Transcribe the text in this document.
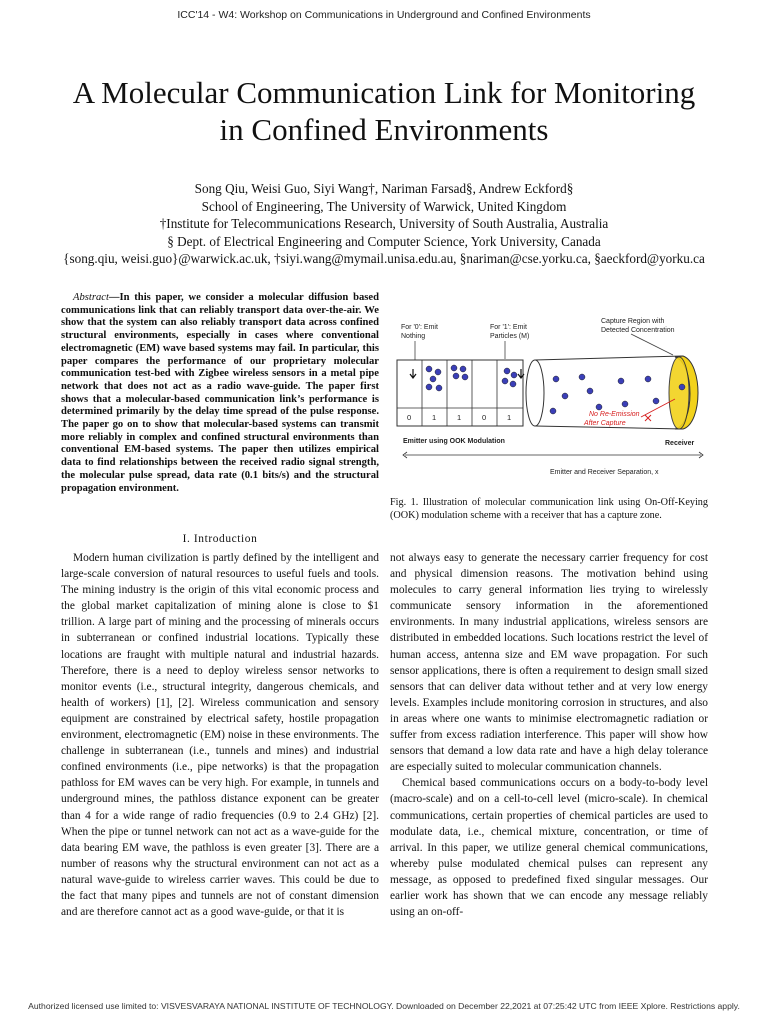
ICC'14 - W4: Workshop on Communications in Underground and Confined Environments
A Molecular Communication Link for Monitoring
in Confined Environments
Song Qiu, Weisi Guo, Siyi Wang†, Nariman Farsad§, Andrew Eckford§
School of Engineering, The University of Warwick, United Kingdom
†Institute for Telecommunications Research, University of South Australia, Australia
§ Dept. of Electrical Engineering and Computer Science, York University, Canada
{song.qiu, weisi.guo}@warwick.ac.uk, †siyi.wang@mymail.unisa.edu.au, §nariman@cse.yorku.ca, §aeckford@yorku.ca

Abstract—In this paper, we consider a molecular diffusion based communications link that can reliably transport data over-the-air. We show that the system can also reliably transport data across confined structural environments, especially in cases where conventional electromagnetic (EM) wave based systems may fail. In particular, this paper compares the performance of our proprietary molecular communication test-bed with Zigbee wireless sensors in a metal pipe network that does not act as a radio wave-guide. The paper first shows that a molecular-based communication link’s performance is determined primarily by the delay time spread of the pulse response. The paper go on to show that molecular-based systems can transmit more reliably in complex and confined structural environments than conventional EM-based systems. The paper then utilizes empirical data to find relationships between the received radio signal strength, the molecular pulse spread, data rate (0.1 bits/s) and the structural propagation environment.

I. Introduction

Modern human civilization is partly defined by the intelligent and large-scale conversion of natural resources to useful fuels and tools. The mining industry is the origin of this vital economic process and the global market capitalization of mining alone is close to $1 trillion. A large part of mining and the processing of minerals occurs in subterranean or confined industrial locations. Typically these locations are fraught with multiple natural and industrial hazards. Therefore, there is a need to deploy wireless sensor networks to monitor events (i.e., structural integrity, dangerous chemicals, and health of workers) [1], [2]. Wireless communication and sensory equipment are constrained by electrical safety, hostile propagation environment, electromagnetic (EM) noise in these environments. The challenge in subterranean (i.e., tunnels and mines) and industrial confined environments (i.e., pipe networks) is that the propagation pathloss for EM waves can be very high. For example, in tunnels and underground mines, the pathloss distance exponent can be greater than 4 for a wide range of radio frequencies (0.9 to 2.4 GHz) [2]. When the pipe or tunnel network can not act as a wave-guide for the data bearing EM wave, the pathloss is even greater [3]. There are a number of reasons why the structural environment can not act as a natural wave-guide to wireless carrier waves. This could be due to the fact that many pipes and tunnels are not of constant dimension and are therefore cannot act as a good wave-guide, or that it is

For '0': Emit
Nothing
For '1': Emit
Particles (M)
Capture Region with
Detected Concentration
0	1	1	0	1	No Re-Emission
After Capture
Emitter using OOK Modulation	Receiver
Emitter and Receiver Separation, x
Fig. 1. Illustration of molecular communication link using On-Off-Keying (OOK) modulation scheme with a receiver that has a capture zone.

not always easy to generate the necessary carrier frequency for cost and physical dimension reasons. The motivation behind using molecules to carry general information lies trying to wirelessly communicate sensory information in the aforementioned environments. In many industrial applications, wireless sensors are distributed in embedded locations. Such locations restrict the level of human access, antenna size and EM wave propagation. For such sensor applications, there is often a requirement to design small sized sensors that can deliver data without tether and at very low energy levels. Examples include monitoring corrosion in structures, and also in areas where one wants to minimise electromagnetic radiation or suffer from excess radiation interference. This paper will show how sensors that demand a low data rate and have a high delay tolerance are especially suited to molecular communication channels.

Chemical based communications occurs on a body-to-body level (macro-scale) and on a cell-to-cell level (micro-scale). In chemical communications, certain properties of chemical particles are used to modulate data, i.e., chemical mixture, concentration, or time of arrival. In this paper, we utilize general chemical communications, whereby pulse modulated chemical pulses can represent any message, as opposed to predefined fixed singular messages. Our earlier work has shown that we can encode any message reliably using an on-off-

Authorized licensed use limited to: VISVESVARAYA NATIONAL INSTITUTE OF TECHNOLOGY. Downloaded on December 22,2021 at 07:25:42 UTC from IEEE Xplore. Restrictions apply.
